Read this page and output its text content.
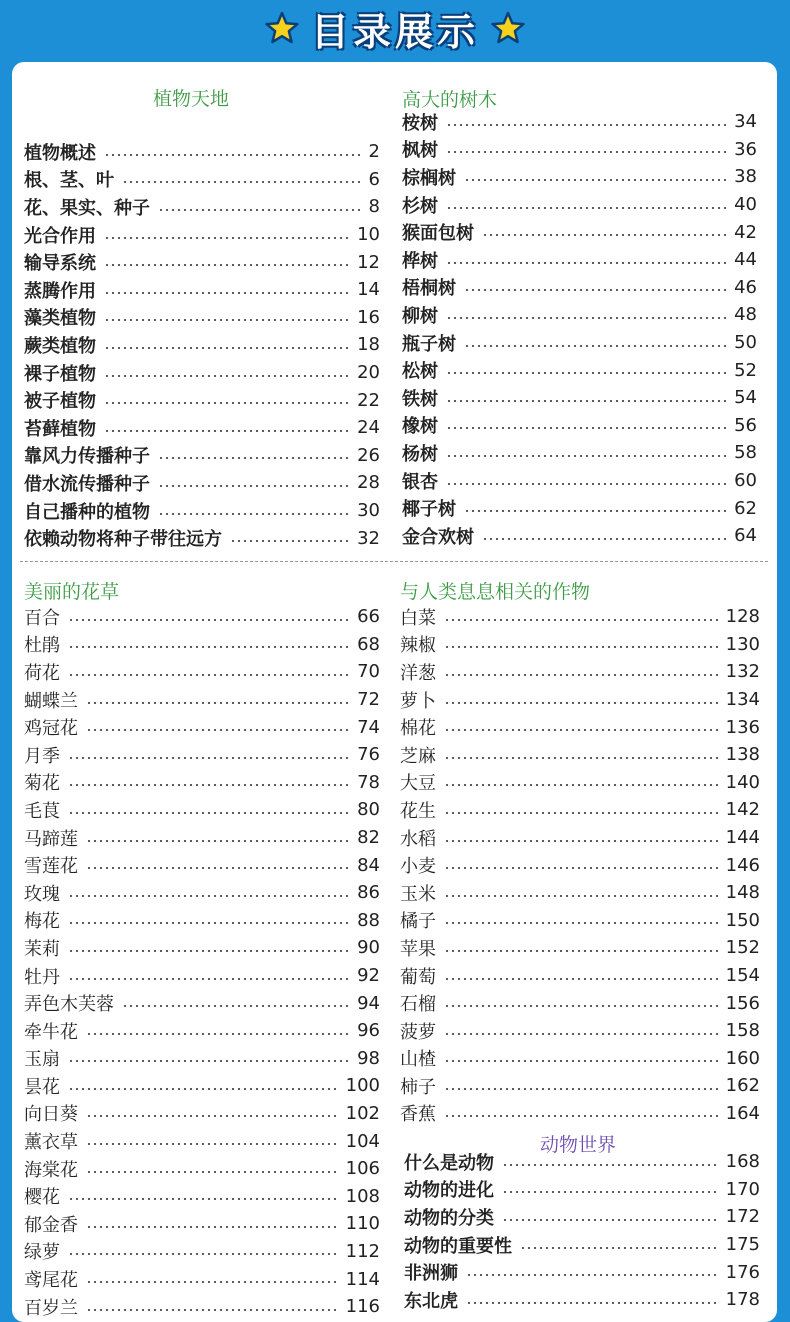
目录展示
植物天地
植物概述	2
根、茎、叶	6
花、果实、种子	8
光合作用	10
输导系统	12
蒸腾作用	14
藻类植物	16
蕨类植物	18
裸子植物	20
被子植物	22
苔藓植物	24
靠风力传播种子	26
借水流传播种子	28
自己播种的植物	30
依赖动物将种子带往远方	32
高大的树木
桉树	34
枫树	36
棕榈树	38
杉树	40
猴面包树	42
桦树	44
梧桐树	46
柳树	48
瓶子树	50
松树	52
铁树	54
橡树	56
杨树	58
银杏	60
椰子树	62
金合欢树	64
美丽的花草
百合	66
杜鹃	68
荷花	70
蝴蝶兰	72
鸡冠花	74
月季	76
菊花	78
毛茛	80
马蹄莲	82
雪莲花	84
玫瑰	86
梅花	88
茉莉	90
牡丹	92
弄色木芙蓉	94
牵牛花	96
玉扇	98
昙花	100
向日葵	102
薰衣草	104
海棠花	106
樱花	108
郁金香	110
绿萝	112
鸢尾花	114
百岁兰	116
与人类息息相关的作物
白菜	128
辣椒	130
洋葱	132
萝卜	134
棉花	136
芝麻	138
大豆	140
花生	142
水稻	144
小麦	146
玉米	148
橘子	150
苹果	152
葡萄	154
石榴	156
菠萝	158
山楂	160
柿子	162
香蕉	164
动物世界
什么是动物	168
动物的进化	170
动物的分类	172
动物的重要性	175
非洲狮	176
东北虎	178
